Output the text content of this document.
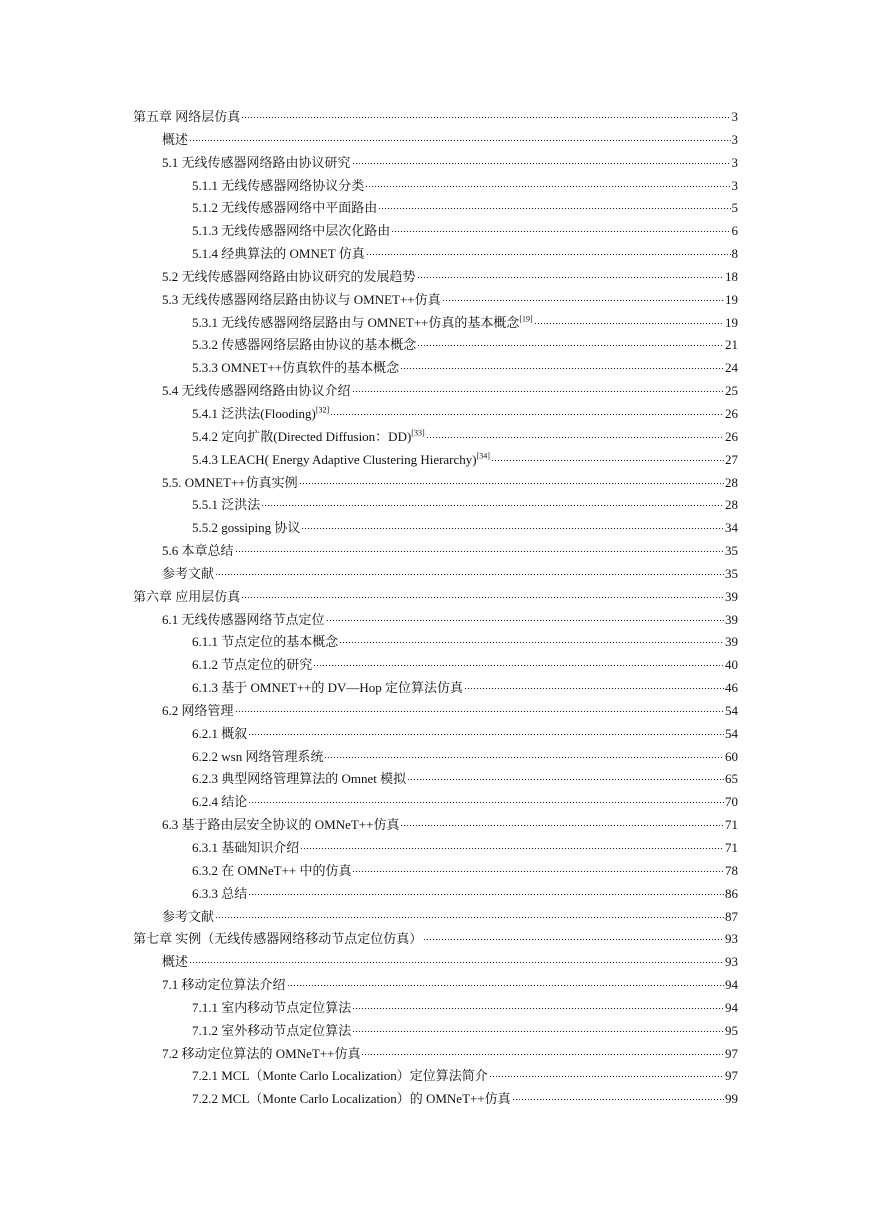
第五章 网络层仿真	3
概述	3
5.1 无线传感器网络路由协议研究	3
5.1.1 无线传感器网络协议分类	3
5.1.2 无线传感器网络中平面路由	5
5.1.3 无线传感器网络中层次化路由	6
5.1.4 经典算法的 OMNET 仿真	8
5.2 无线传感器网络路由协议研究的发展趋势	18
5.3 无线传感器网络层路由协议与 OMNET++仿真	19
5.3.1 无线传感器网络层路由与 OMNET++仿真的基本概念[19]	19
5.3.2 传感器网络层路由协议的基本概念	21
5.3.3 OMNET++仿真软件的基本概念	24
5.4 无线传感器网络路由协议介绍	25
5.4.1 泛洪法(Flooding)[32]	26
5.4.2 定向扩散(Directed Diffusion：DD)[33]	26
5.4.3 LEACH( Energy Adaptive Clustering Hierarchy)[34]	27
5.5. OMNET++仿真实例	28
5.5.1 泛洪法	28
5.5.2 gossiping 协议	34
5.6 本章总结	35
参考文献	35
第六章 应用层仿真	39
6.1 无线传感器网络节点定位	39
6.1.1 节点定位的基本概念	39
6.1.2 节点定位的研究	40
6.1.3 基于 OMNET++的 DV—Hop 定位算法仿真	46
6.2 网络管理	54
6.2.1 概叙	54
6.2.2 wsn 网络管理系统	60
6.2.3 典型网络管理算法的 Omnet 模拟	65
6.2.4 结论	70
6.3 基于路由层安全协议的 OMNeT++仿真	71
6.3.1 基础知识介绍	71
6.3.2 在 OMNeT++ 中的仿真	78
6.3.3 总结	86
参考文献	87
第七章 实例（无线传感器网络移动节点定位仿真）	93
概述	93
7.1 移动定位算法介绍	94
7.1.1 室内移动节点定位算法	94
7.1.2 室外移动节点定位算法	95
7.2 移动定位算法的 OMNeT++仿真	97
7.2.1 MCL（Monte Carlo Localization）定位算法简介	97
7.2.2 MCL（Monte Carlo Localization）的 OMNeT++仿真	99
